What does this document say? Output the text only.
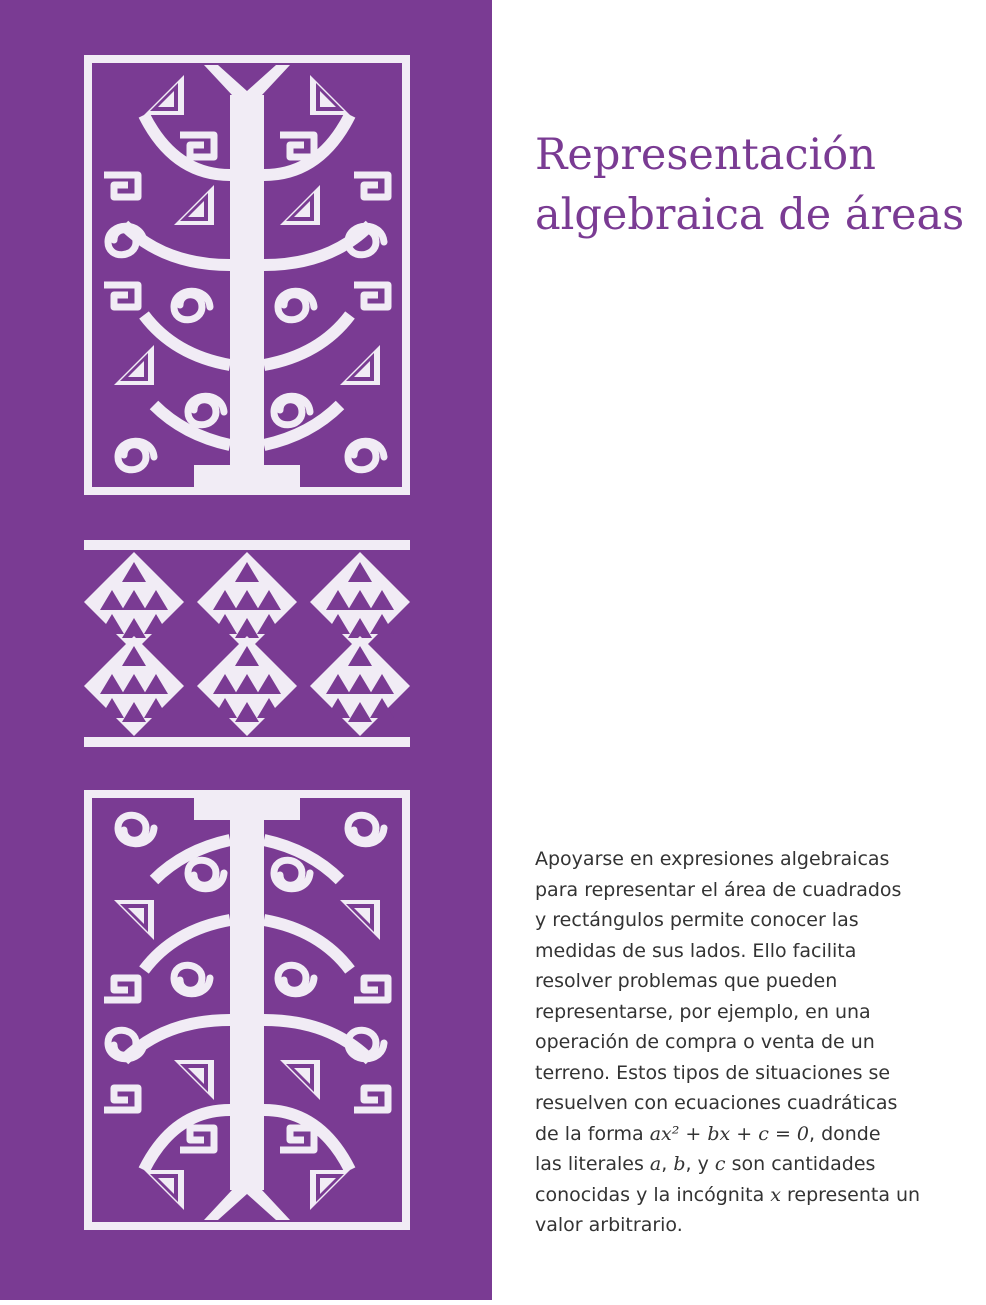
Representación
algebraica de áreas

Apoyarse en expresiones algebraicas
para representar el área de cuadrados
y rectángulos permite conocer las
medidas de sus lados. Ello facilita
resolver problemas que pueden
representarse, por ejemplo, en una
operación de compra o venta de un
terreno. Estos tipos de situaciones se
resuelven con ecuaciones cuadráticas
de la forma ax² + bx + c = 0, donde
las literales a, b, y c son cantidades
conocidas y la incógnita x representa un
valor arbitrario.
